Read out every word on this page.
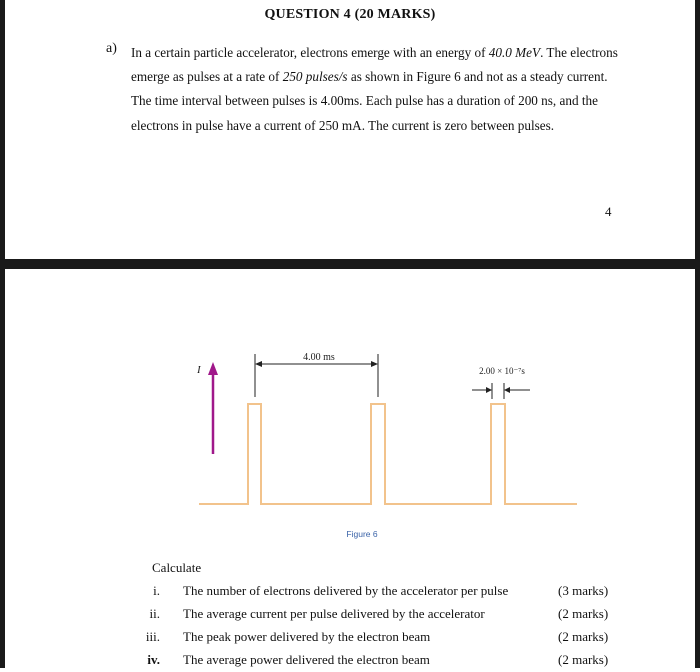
QUESTION 4 (20 MARKS)
a) In a certain particle accelerator, electrons emerge with an energy of 40.0 MeV. The electrons emerge as pulses at a rate of 250 pulses/s as shown in Figure 6 and not as a steady current. The time interval between pulses is 4.00ms. Each pulse has a duration of 200 ns, and the electrons in pulse have a current of 250 mA. The current is zero between pulses.
4
I
4.00 ms
2.00 × 10⁻⁷s
Figure 6
Calculate
i. The number of electrons delivered by the accelerator per pulse	(3 marks)
ii. The average current per pulse delivered by the accelerator	(2 marks)
iii. The peak power delivered by the electron beam	(2 marks)
iv. The average power delivered the electron beam	(2 marks)
